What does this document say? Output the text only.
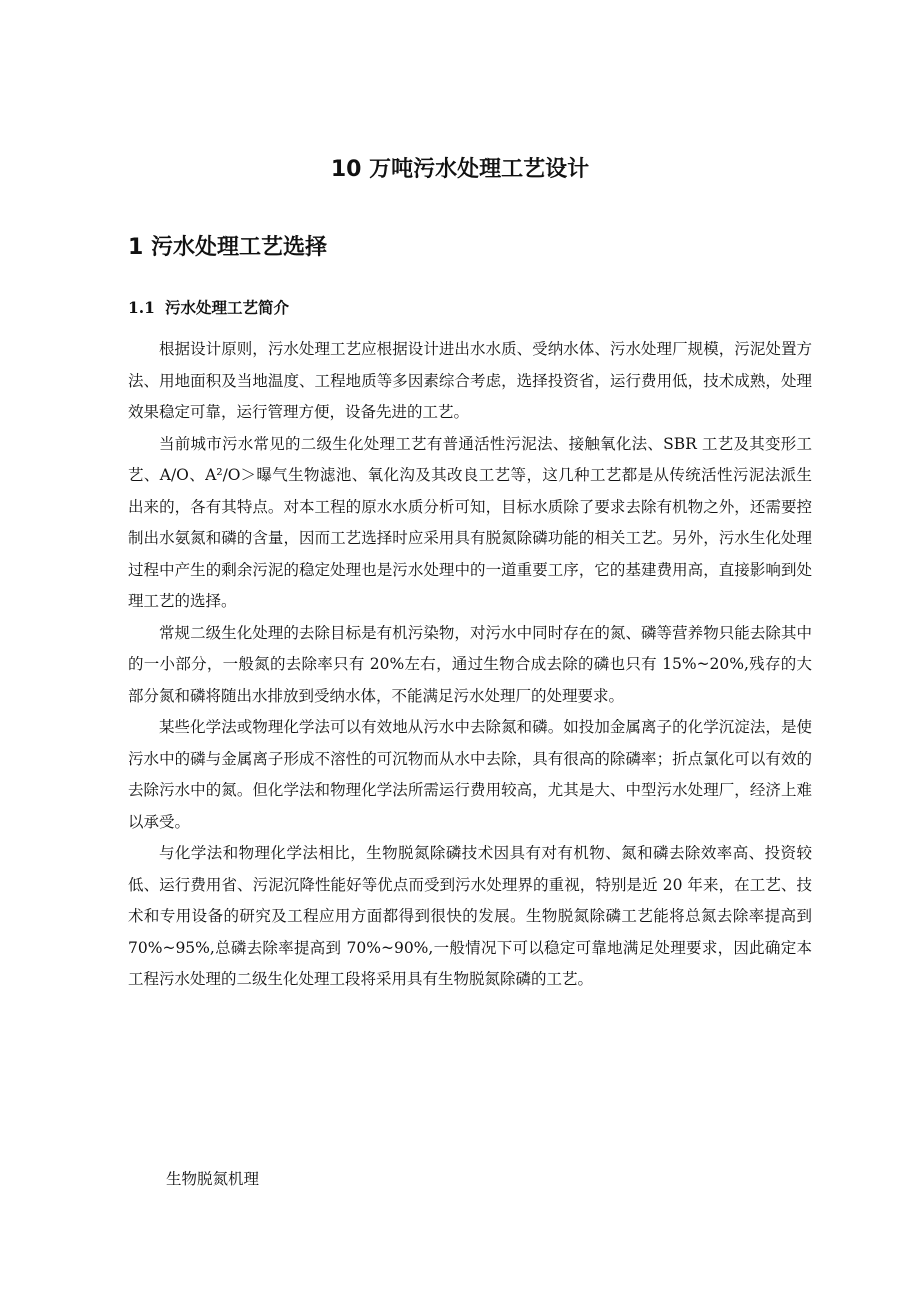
10 万吨污水处理工艺设计
1 污水处理工艺选择
1.1 污水处理工艺简介

根据设计原则，污水处理工艺应根据设计进出水水质、受纳水体、污水处理厂规模，污泥处置方法、用地面积及当地温度、工程地质等多因素综合考虑，选择投资省，运行费用低，技术成熟，处理效果稳定可靠，运行管理方便，设备先进的工艺。

当前城市污水常见的二级生化处理工艺有普通活性污泥法、接触氧化法、SBR 工艺及其变形工艺、A/O、A²/O＞曝气生物滤池、氧化沟及其改良工艺等，这几种工艺都是从传统活性污泥法派生出来的，各有其特点。对本工程的原水水质分析可知，目标水质除了要求去除有机物之外，还需要控制出水氨氮和磷的含量，因而工艺选择时应采用具有脱氮除磷功能的相关工艺。另外，污水生化处理过程中产生的剩余污泥的稳定处理也是污水处理中的一道重要工序，它的基建费用高，直接影响到处理工艺的选择。

常规二级生化处理的去除目标是有机污染物，对污水中同时存在的氮、磷等营养物只能去除其中的一小部分，一般氮的去除率只有 20%左右，通过生物合成去除的磷也只有 15%~20%,残存的大部分氮和磷将随出水排放到受纳水体，不能满足污水处理厂的处理要求。

某些化学法或物理化学法可以有效地从污水中去除氮和磷。如投加金属离子的化学沉淀法，是使污水中的磷与金属离子形成不溶性的可沉物而从水中去除，具有很高的除磷率；折点氯化可以有效的去除污水中的氮。但化学法和物理化学法所需运行费用较高，尤其是大、中型污水处理厂，经济上难以承受。

与化学法和物理化学法相比，生物脱氮除磷技术因具有对有机物、氮和磷去除效率高、投资较低、运行费用省、污泥沉降性能好等优点而受到污水处理界的重视，特别是近 20 年来，在工艺、技术和专用设备的研究及工程应用方面都得到很快的发展。生物脱氮除磷工艺能将总氮去除率提高到 70%~95%,总磷去除率提高到 70%~90%,一般情况下可以稳定可靠地满足处理要求，因此确定本工程污水处理的二级生化处理工段将采用具有生物脱氮除磷的工艺。

生物脱氮机理
